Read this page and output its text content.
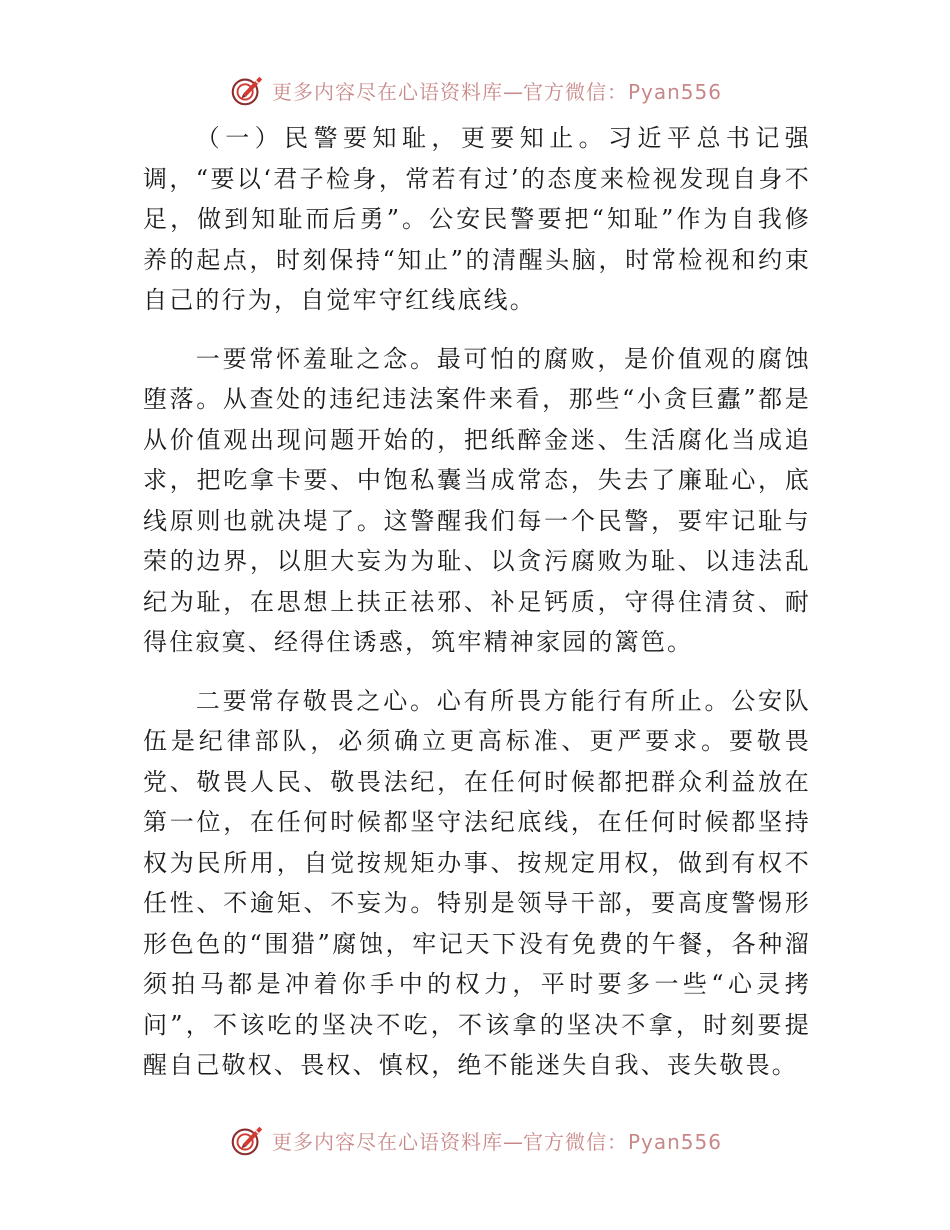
更多内容尽在心语资料库—官方微信：Pyan556

（一）民警要知耻，更要知止。习近平总书记强调，“要以‘君子检身，常若有过’的态度来检视发现自身不足，做到知耻而后勇”。公安民警要把“知耻”作为自我修养的起点，时刻保持“知止”的清醒头脑，时常检视和约束自己的行为，自觉牢守红线底线。

一要常怀羞耻之念。最可怕的腐败，是价值观的腐蚀堕落。从查处的违纪违法案件来看，那些“小贪巨蠹”都是从价值观出现问题开始的，把纸醉金迷、生活腐化当成追求，把吃拿卡要、中饱私囊当成常态，失去了廉耻心，底线原则也就决堤了。这警醒我们每一个民警，要牢记耻与荣的边界，以胆大妄为为耻、以贪污腐败为耻、以违法乱纪为耻，在思想上扶正祛邪、补足钙质，守得住清贫、耐得住寂寞、经得住诱惑，筑牢精神家园的篱笆。

二要常存敬畏之心。心有所畏方能行有所止。公安队伍是纪律部队，必须确立更高标准、更严要求。要敬畏党、敬畏人民、敬畏法纪，在任何时候都把群众利益放在第一位，在任何时候都坚守法纪底线，在任何时候都坚持权为民所用，自觉按规矩办事、按规定用权，做到有权不任性、不逾矩、不妄为。特别是领导干部，要高度警惕形形色色的“围猎”腐蚀，牢记天下没有免费的午餐，各种溜须拍马都是冲着你手中的权力，平时要多一些“心灵拷问”，不该吃的坚决不吃，不该拿的坚决不拿，时刻要提醒自己敬权、畏权、慎权，绝不能迷失自我、丧失敬畏。

更多内容尽在心语资料库—官方微信：Pyan556
